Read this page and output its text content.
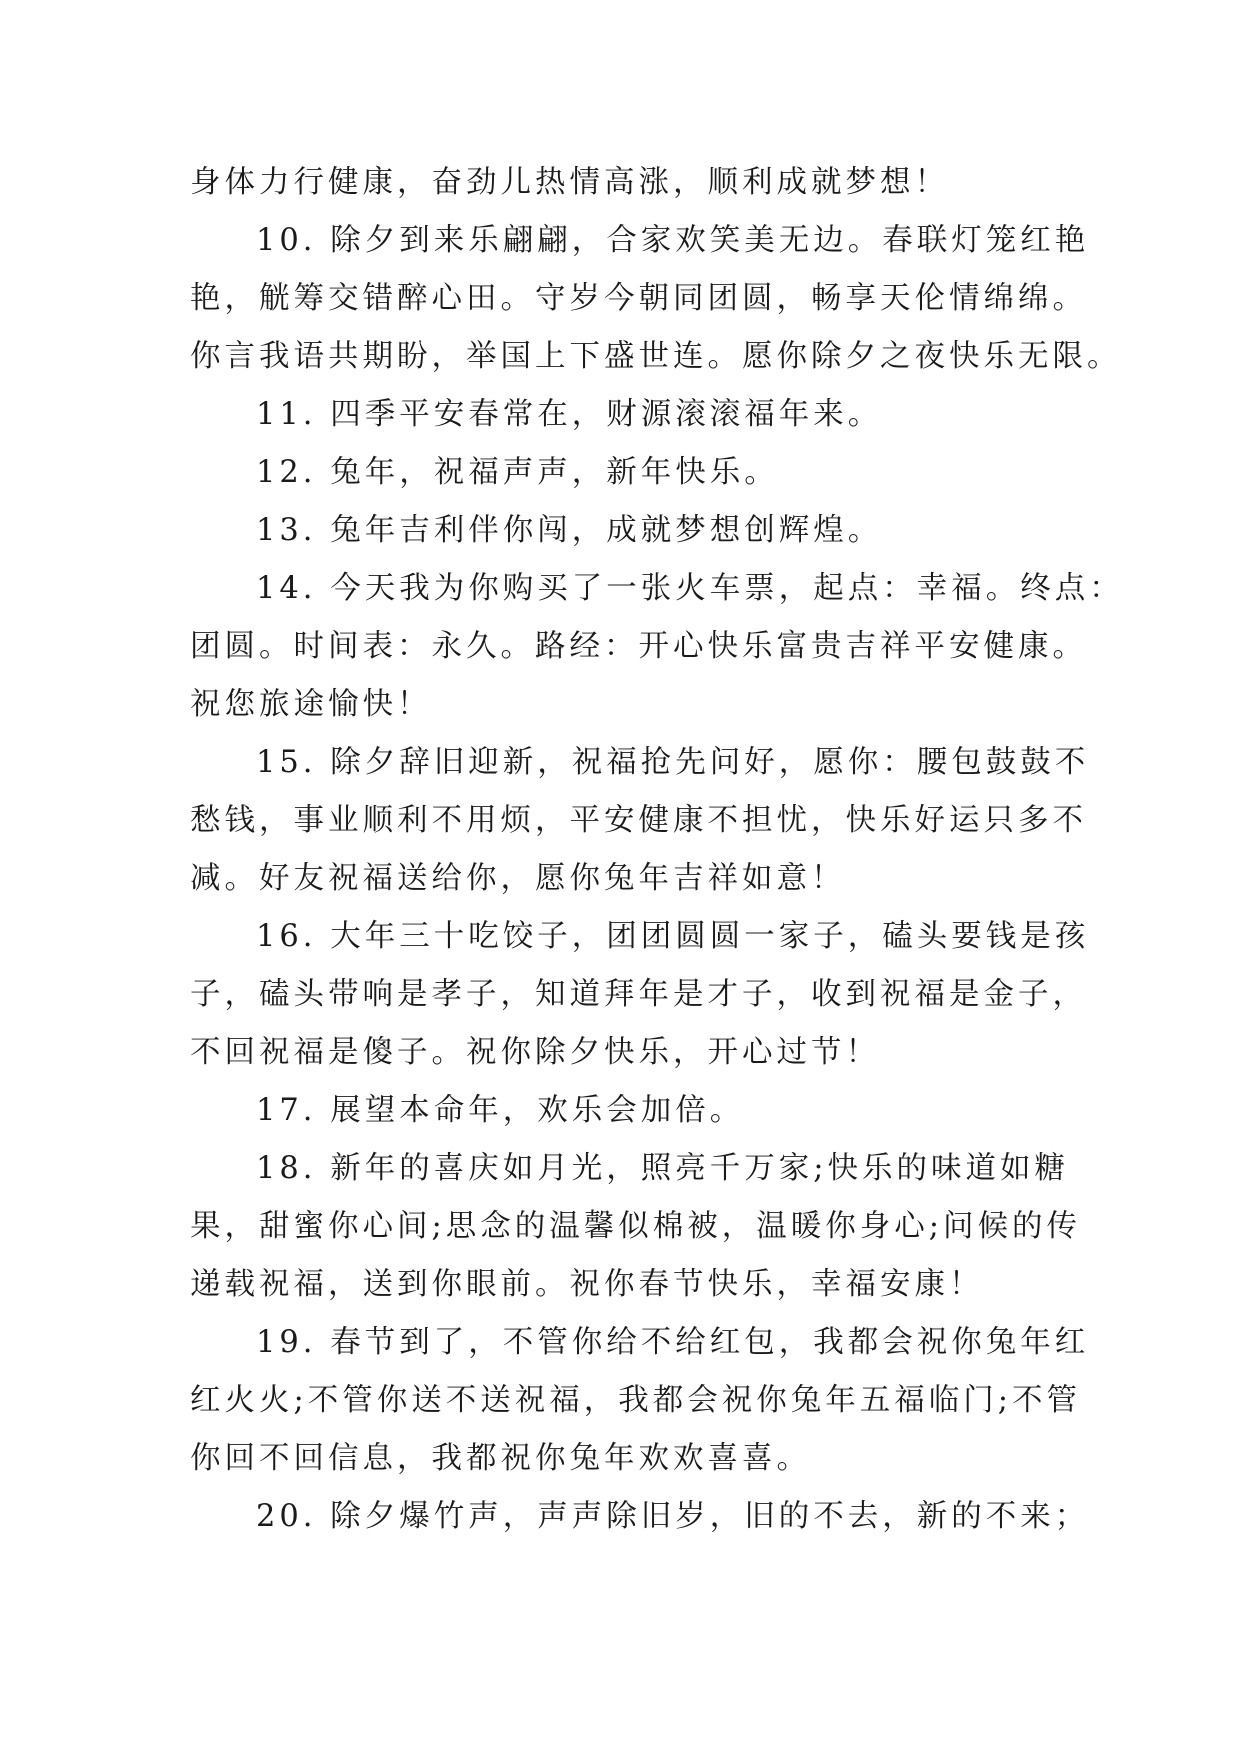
身体力行健康，奋劲儿热情高涨，顺利成就梦想！
10. 除夕到来乐翩翩，合家欢笑美无边。春联灯笼红艳
艳，觥筹交错醉心田。守岁今朝同团圆，畅享天伦情绵绵。
你言我语共期盼，举国上下盛世连。愿你除夕之夜快乐无限。
11. 四季平安春常在，财源滚滚福年来。
12. 兔年，祝福声声，新年快乐。
13. 兔年吉利伴你闯，成就梦想创辉煌。
14. 今天我为你购买了一张火车票，起点：幸福。终点：
团圆。时间表：永久。路经：开心快乐富贵吉祥平安健康。
祝您旅途愉快！
15. 除夕辞旧迎新，祝福抢先问好，愿你：腰包鼓鼓不
愁钱，事业顺利不用烦，平安健康不担忧，快乐好运只多不
减。好友祝福送给你，愿你兔年吉祥如意！
16. 大年三十吃饺子，团团圆圆一家子，磕头要钱是孩
子，磕头带响是孝子，知道拜年是才子，收到祝福是金子，
不回祝福是傻子。祝你除夕快乐，开心过节！
17. 展望本命年，欢乐会加倍。
18. 新年的喜庆如月光，照亮千万家;快乐的味道如糖
果，甜蜜你心间;思念的温馨似棉被，温暖你身心;问候的传
递载祝福，送到你眼前。祝你春节快乐，幸福安康！
19. 春节到了，不管你给不给红包，我都会祝你兔年红
红火火;不管你送不送祝福，我都会祝你兔年五福临门;不管
你回不回信息，我都祝你兔年欢欢喜喜。
20. 除夕爆竹声，声声除旧岁，旧的不去，新的不来；
